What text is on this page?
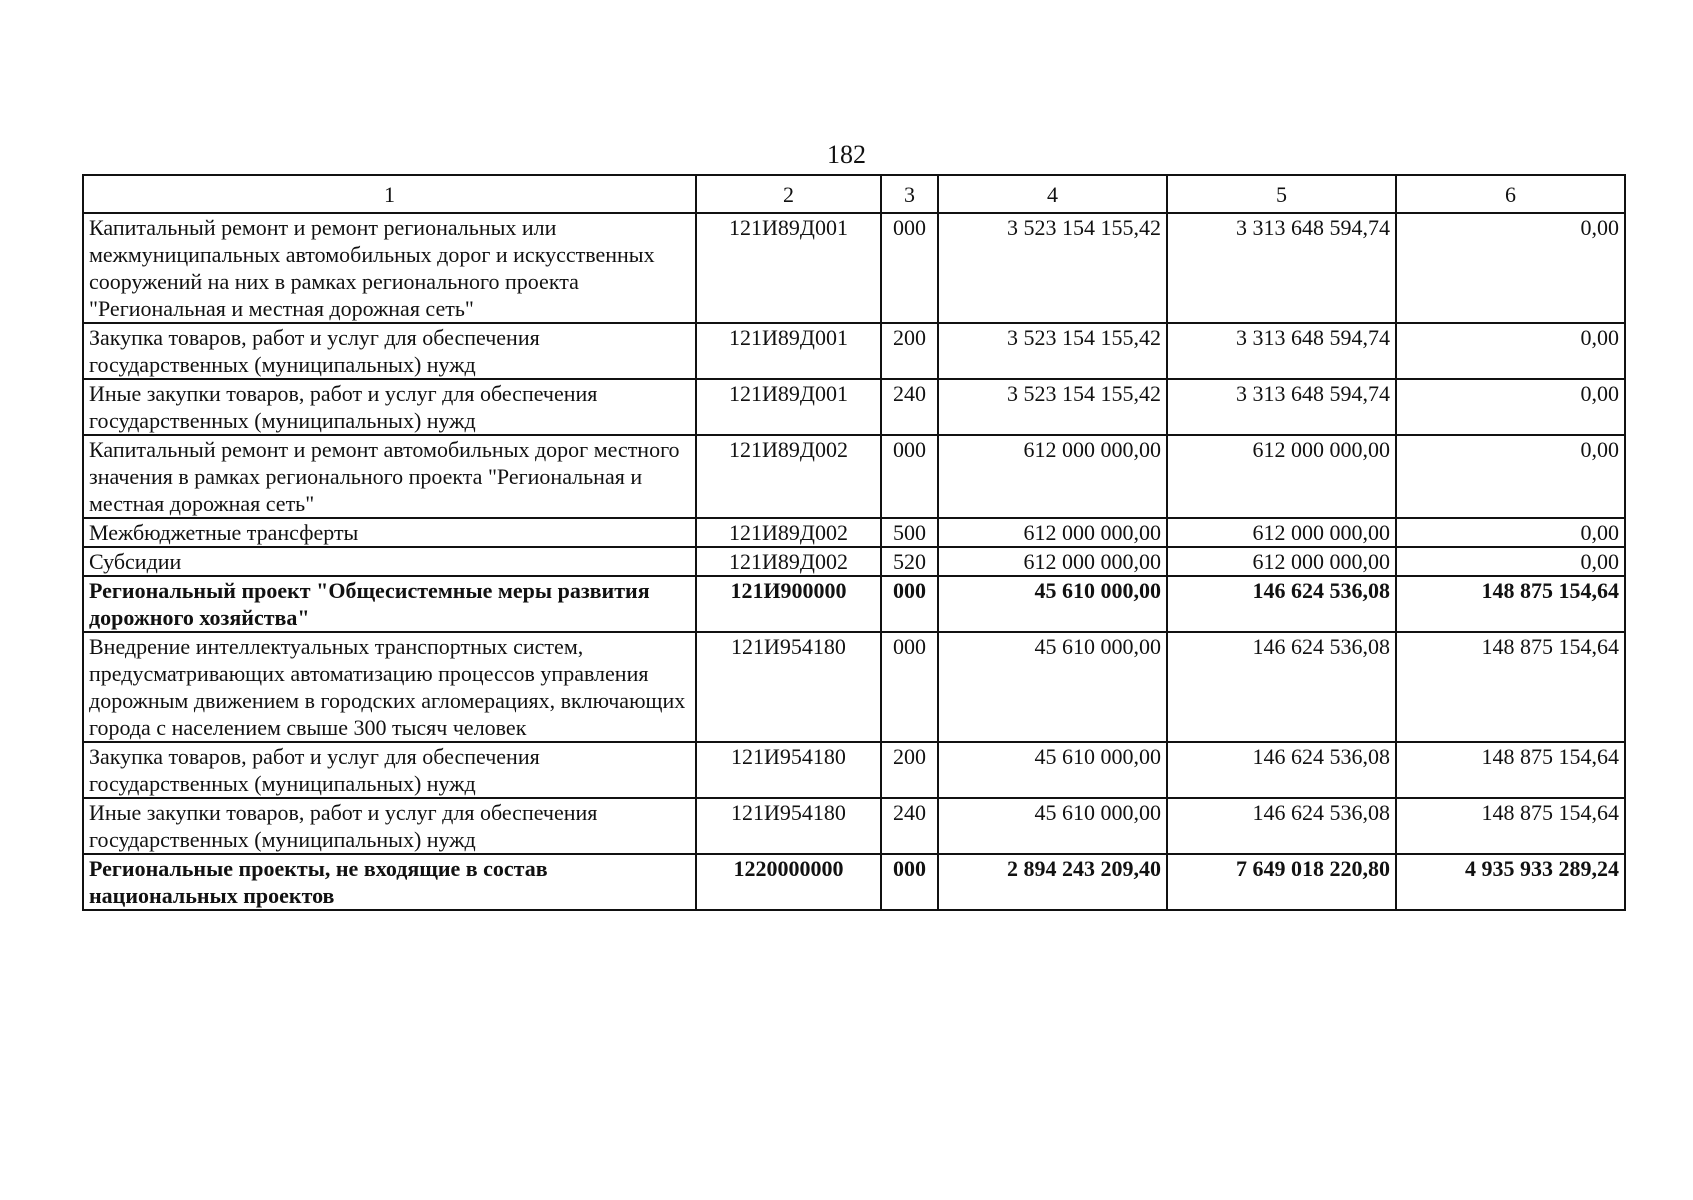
182
1	2	3	4	5	6
Капитальный ремонт и ремонт региональных или межмуниципальных автомобильных дорог и искусственных сооружений на них в рамках регионального проекта "Региональная и местная дорожная сеть"	121И89Д001	000	3 523 154 155,42	3 313 648 594,74	0,00
Закупка товаров, работ и услуг для обеспечения государственных (муниципальных) нужд	121И89Д001	200	3 523 154 155,42	3 313 648 594,74	0,00
Иные закупки товаров, работ и услуг для обеспечения государственных (муниципальных) нужд	121И89Д001	240	3 523 154 155,42	3 313 648 594,74	0,00
Капитальный ремонт и ремонт автомобильных дорог местного значения в рамках регионального проекта "Региональная и местная дорожная сеть"	121И89Д002	000	612 000 000,00	612 000 000,00	0,00
Межбюджетные трансферты	121И89Д002	500	612 000 000,00	612 000 000,00	0,00
Субсидии	121И89Д002	520	612 000 000,00	612 000 000,00	0,00
Региональный проект "Общесистемные меры развития дорожного хозяйства"	121И900000	000	45 610 000,00	146 624 536,08	148 875 154,64
Внедрение интеллектуальных транспортных систем, предусматривающих автоматизацию процессов управления дорожным движением в городских агломерациях, включающих города с населением свыше 300 тысяч человек	121И954180	000	45 610 000,00	146 624 536,08	148 875 154,64
Закупка товаров, работ и услуг для обеспечения государственных (муниципальных) нужд	121И954180	200	45 610 000,00	146 624 536,08	148 875 154,64
Иные закупки товаров, работ и услуг для обеспечения государственных (муниципальных) нужд	121И954180	240	45 610 000,00	146 624 536,08	148 875 154,64
Региональные проекты, не входящие в состав национальных проектов	1220000000	000	2 894 243 209,40	7 649 018 220,80	4 935 933 289,24
